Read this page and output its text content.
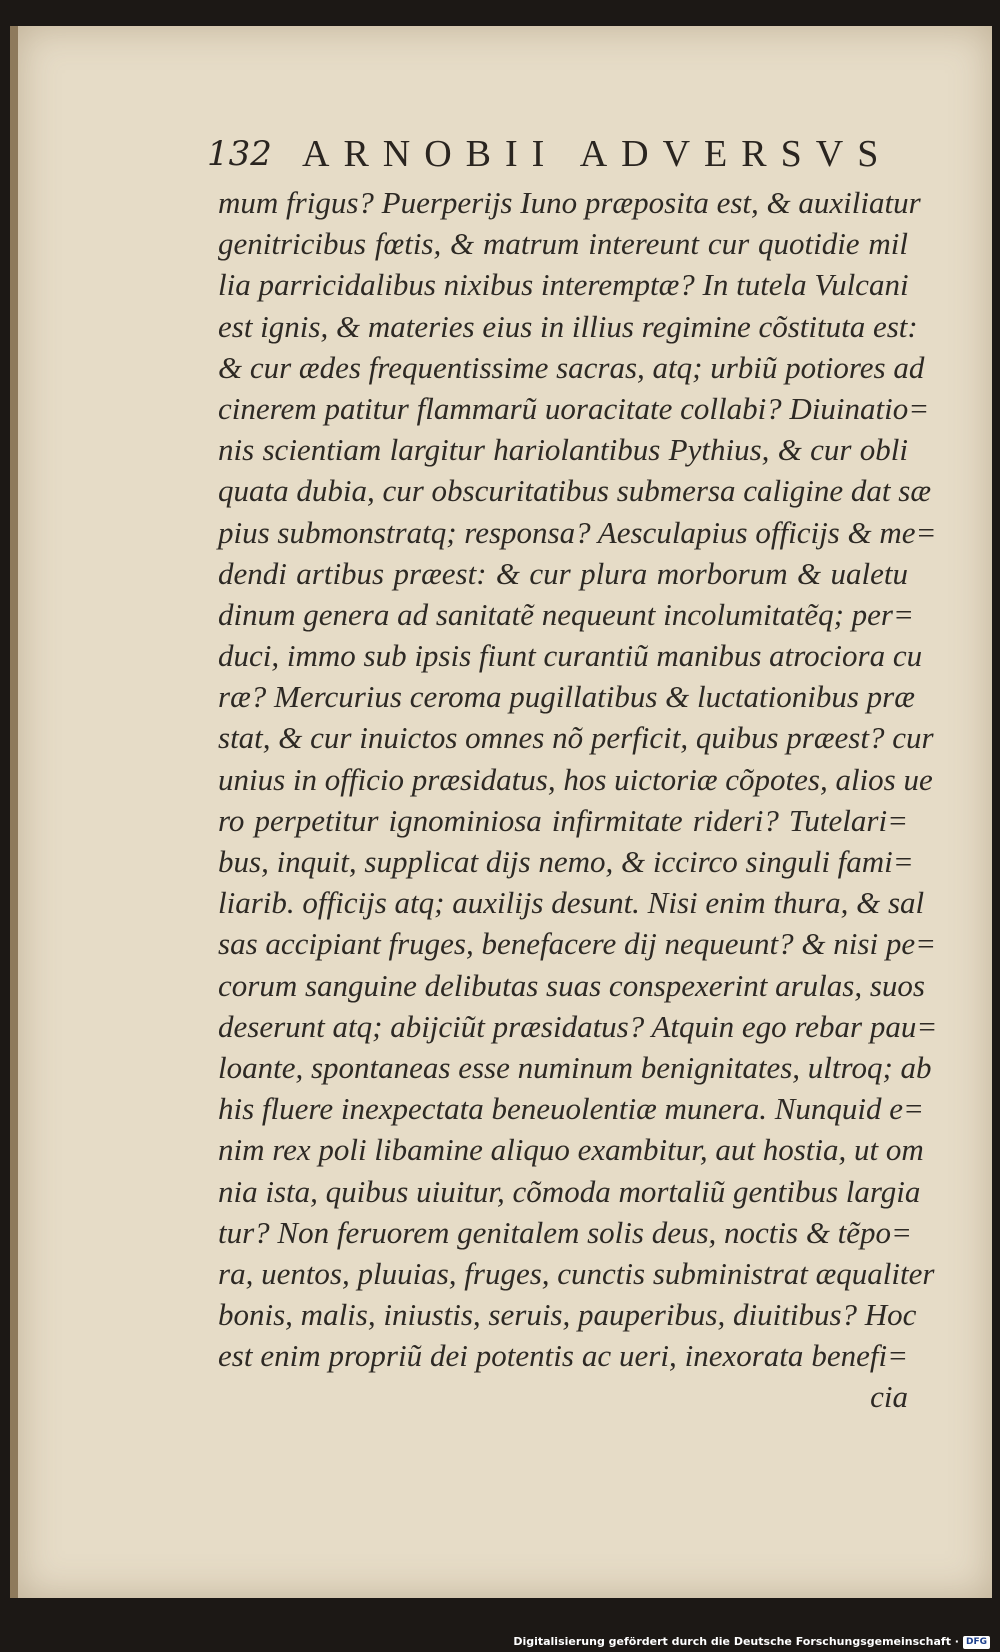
132 ARNOBII ADVERSVS
mum frigus? Puerperijs Iuno præposita est, & auxiliatur
genitricibus fœtis, & matrum intereunt cur quotidie mil
lia parricidalibus nixibus interemptæ? In tutela Vulcani
est ignis, & materies eius in illius regimine cõstituta est:
& cur ædes frequentissime sacras, atq; urbiũ potiores ad
cinerem patitur flammarũ uoracitate collabi? Diuinatio=
nis scientiam largitur hariolantibus Pythius, & cur obli
quata dubia, cur obscuritatibus submersa caligine dat sæ
pius submonstratq; responsa? Aesculapius officijs & me=
dendi artibus præest: & cur plura morborum & ualetu
dinum genera ad sanitatẽ nequeunt incolumitatẽq; per=
duci, immo sub ipsis fiunt curantiũ manibus atrociora cu
ræ? Mercurius ceroma pugillatibus & luctationibus præ
stat, & cur inuictos omnes nõ perficit, quibus præest? cur
unius in officio præsidatus, hos uictoriæ cõpotes, alios ue
ro perpetitur ignominiosa infirmitate rideri? Tutelari=
bus, inquit, supplicat dijs nemo, & iccirco singuli fami=
liarib. officijs atq; auxilijs desunt. Nisi enim thura, & sal
sas accipiant fruges, benefacere dij nequeunt? & nisi pe=
corum sanguine delibutas suas conspexerint arulas, suos
deserunt atq; abijciũt præsidatus? Atquin ego rebar pau=
loante, spontaneas esse numinum benignitates, ultroq; ab
his fluere inexpectata beneuolentiæ munera. Nunquid e=
nim rex poli libamine aliquo exambitur, aut hostia, ut om
nia ista, quibus uiuitur, cõmoda mortaliũ gentibus largia
tur? Non feruorem genitalem solis deus, noctis & tẽpo=
ra, uentos, pluuias, fruges, cunctis subministrat æqualiter
bonis, malis, iniustis, seruis, pauperibus, diuitibus? Hoc
est enim propriũ dei potentis ac ueri, inexorata benefi=
cia
Digitalisierung gefördert durch die Deutsche Forschungsgemeinschaft · DFG
